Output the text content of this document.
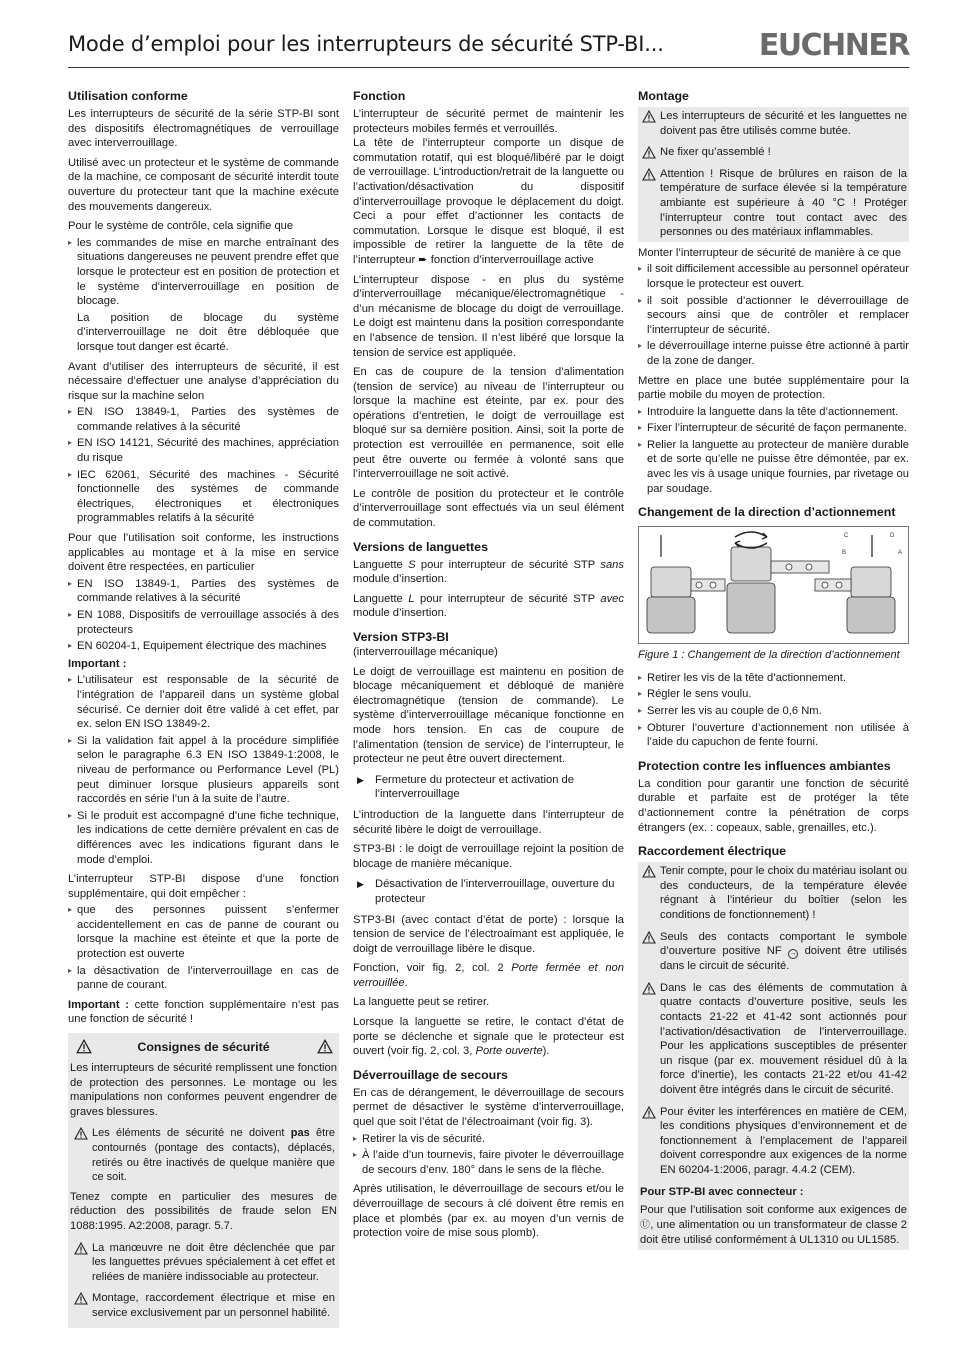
Mode d’emploi pour les interrupteurs de sécurité STP-BI...	EUCHNER
Utilisation conforme

Les interrupteurs de sécurité de la série STP-BI sont des dispositifs électromagnétiques de verrouillage avec interverrouillage.

Utilisé avec un protecteur et le système de commande de la machine, ce composant de sécurité interdit toute ouverture du protecteur tant que la machine exécute des mouvements dangereux.

Pour le système de contrôle, cela signifie que

▸ les commandes de mise en marche entraînant des situations dangereuses ne peuvent prendre effet que lorsque le protecteur est en position de protection et le système d’interverrouillage en position de blocage.

La position de blocage du système d’interverrouillage ne doit être débloquée que lorsque tout danger est écarté.

Avant d’utiliser des interrupteurs de sécurité, il est nécessaire d’effectuer une analyse d’appréciation du risque sur la machine selon

▸ EN ISO 13849-1, Parties des systèmes de commande relatives à la sécurité
▸ EN ISO 14121, Sécurité des machines, appréciation du risque
▸ IEC 62061, Sécurité des machines - Sécurité fonctionnelle des systèmes de commande électriques, électroniques et électroniques programmables relatifs à la sécurité

Pour que l’utilisation soit conforme, les instructions applicables au montage et à la mise en service doivent être respectées, en particulier

▸ EN ISO 13849-1, Parties des systèmes de commande relatives à la sécurité
▸ EN 1088, Dispositifs de verrouillage associés à des protecteurs
▸ EN 60204-1, Equipement électrique des machines

Important :

▸ L’utilisateur est responsable de la sécurité de l’intégration de l’appareil dans un système global sécurisé. Ce dernier doit être validé à cet effet, par ex. selon EN ISO 13849-2.
▸ Si la validation fait appel à la procédure simplifiée selon le paragraphe 6.3 EN ISO 13849-1:2008, le niveau de performance ou Performance Level (PL) peut diminuer lorsque plusieurs appareils sont raccordés en série l’un à la suite de l’autre.
▸ Si le produit est accompagné d’une fiche technique, les indications de cette dernière prévalent en cas de différences avec les indications figurant dans le mode d’emploi.

L’interrupteur STP-BI dispose d’une fonction supplémentaire, qui doit empêcher :

▸ que des personnes puissent s’enfermer accidentellement en cas de panne de courant ou lorsque la machine est éteinte et que la porte de protection est ouverte
▸ la désactivation de l’interverrouillage en cas de panne de courant.

Important : cette fonction supplémentaire n’est pas une fonction de sécurité !

Consignes de sécurité

Les interrupteurs de sécurité remplissent une fonction de protection des personnes. Le montage ou les manipulations non conformes peuvent engendrer de graves blessures.

Les éléments de sécurité ne doivent pas être contournés (pontage des contacts), déplacés, retirés ou être inactivés de quelque manière que ce soit.

Tenez compte en particulier des mesures de réduction des possibilités de fraude selon EN 1088:1995. A2:2008, paragr. 5.7.

La manœuvre ne doit être déclenchée que par les languettes prévues spécialement à cet effet et reliées de manière indissociable au protecteur.
Montage, raccordement électrique et mise en service exclusivement par un personnel habilité.
Fonction

L’interrupteur de sécurité permet de maintenir les protecteurs mobiles fermés et verrouillés.

La tête de l’interrupteur comporte un disque de commutation rotatif, qui est bloqué/libéré par le doigt de verrouillage. L’introduction/retrait de la languette ou l’activation/désactivation du dispositif d’interverrouillage provoque le déplacement du doigt. Ceci a pour effet d’actionner les contacts de commutation. Lorsque le disque est bloqué, il est impossible de retirer la languette de la tête de l’interrupteur ➨ fonction d’interverrouillage active

L’interrupteur dispose - en plus du système d’interverrouillage mécanique/électromagnétique - d’un mécanisme de blocage du doigt de verrouillage. Le doigt est maintenu dans la position correspondante en l’absence de tension. Il n’est libéré que lorsque la tension de service est appliquée.

En cas de coupure de la tension d’alimentation (tension de service) au niveau de l’interrupteur ou lorsque la machine est éteinte, par ex. pour des opérations d’entretien, le doigt de verrouillage est bloqué sur sa dernière position. Ainsi, soit la porte de protection est verrouillée en permanence, soit elle peut être ouverte ou fermée à volonté sans que l’interverrouillage ne soit activé.

Le contrôle de position du protecteur et le contrôle d’interverrouillage sont effectués via un seul élément de commutation.

Versions de languettes

Languette S pour interrupteur de sécurité STP sans module d’insertion.

Languette L pour interrupteur de sécurité STP avec module d’insertion.

Version STP3-BI

(interverrouillage mécanique)

Le doigt de verrouillage est maintenu en position de blocage mécaniquement et débloqué de manière électromagnétique (tension de commande). Le système d’interverrouillage mécanique fonctionne en mode hors tension. En cas de coupure de l’alimentation (tension de service) de l’interrupteur, le protecteur ne peut être ouvert directement.

▶ Fermeture du protecteur et activation de l’interverrouillage

L’introduction de la languette dans l’interrupteur de sécurité libère le doigt de verrouillage.

STP3-BI : le doigt de verrouillage rejoint la position de blocage de manière mécanique.

▶ Désactivation de l’interverrouillage, ouverture du protecteur

STP3-BI (avec contact d’état de porte) : lorsque la tension de service de l’électroaimant est appliquée, le doigt de verrouillage libère le disque.

Fonction, voir fig. 2, col. 2 Porte fermée et non verrouillée.

La languette peut se retirer.

Lorsque la languette se retire, le contact d’état de porte se déclenche et signale que le protecteur est ouvert (voir fig. 2, col. 3, Porte ouverte).

Déverrouillage de secours

En cas de dérangement, le déverrouillage de secours permet de désactiver le système d’interverrouillage, quel que soit l’état de l’électroaimant (voir fig. 3).

▸ Retirer la vis de sécurité.
▸ À l’aide d’un tournevis, faire pivoter le déverrouillage de secours d’env. 180° dans le sens de la flèche.

Après utilisation, le déverrouillage de secours et/ou le déverrouillage de secours à clé doivent être remis en place et plombés (par ex. au moyen d’un vernis de protection voire de mise sous plomb).

Montage
Les interrupteurs de sécurité et les languettes ne doivent pas être utilisés comme butée.
Ne fixer qu’assemblé !
Attention ! Risque de brûlures en raison de la température de surface élevée si la température ambiante est supérieure à 40 °C ! Protéger l’interrupteur contre tout contact avec des personnes ou des matériaux inflammables.

Monter l’interrupteur de sécurité de manière à ce que

▸ il soit difficilement accessible au personnel opérateur lorsque le protecteur est ouvert.
▸ il soit possible d’actionner le déverrouillage de secours ainsi que de contrôler et remplacer l’interrupteur de sécurité.
▸ le déverrouillage interne puisse être actionné à partir de la zone de danger.

Mettre en place une butée supplémentaire pour la partie mobile du moyen de protection.

▸ Introduire la languette dans la tête d’actionnement.
▸ Fixer l’interrupteur de sécurité de façon permanente.
▸ Relier la languette au protecteur de manière durable et de sorte qu’elle ne puisse être démontée, par ex. avec les vis à usage unique fournies, par rivetage ou par soudage.
Changement de la direction d’actionnement
C	D
B	A
Figure 1 : Changement de la direction d’actionnement
▸ Retirer les vis de la tête d’actionnement.
▸ Régler le sens voulu.
▸ Serrer les vis au couple de 0,6 Nm.
▸ Obturer l’ouverture d’actionnement non utilisée à l’aide du capuchon de fente fourni.
Protection contre les influences ambiantes

La condition pour garantir une fonction de sécurité durable et parfaite est de protéger la tête d’actionnement contre la pénétration de corps étrangers (ex. : copeaux, sable, grenailles, etc.).

Raccordement électrique
Tenir compte, pour le choix du matériau isolant ou des conducteurs, de la température élevée régnant à l’intérieur du boîtier (selon les conditions de fonctionnement) !
Seuls des contacts comportant le symbole d’ouverture positive NF → doivent être utilisés dans le circuit de sécurité.
Dans le cas des éléments de commutation à quatre contacts d’ouverture positive, seuls les contacts 21-22 et 41-42 sont actionnés pour l’activation/désactivation de l’interverrouillage. Pour les applications susceptibles de présenter un risque (par ex. mouvement résiduel dû à la force d’inertie), les contacts 21-22 et/ou 41-42 doivent être intégrés dans le circuit de sécurité.
Pour éviter les interférences en matière de CEM, les conditions physiques d’environnement et de fonctionnement à l’emplacement de l’appareil doivent correspondre aux exigences de la norme EN 60204-1:2006, paragr. 4.4.2 (CEM).

Pour STP-BI avec connecteur :

Pour que l’utilisation soit conforme aux exigences de Ⓤ, une alimentation ou un transformateur de classe 2 doit être utilisé conformément à UL1310 ou UL1585.
